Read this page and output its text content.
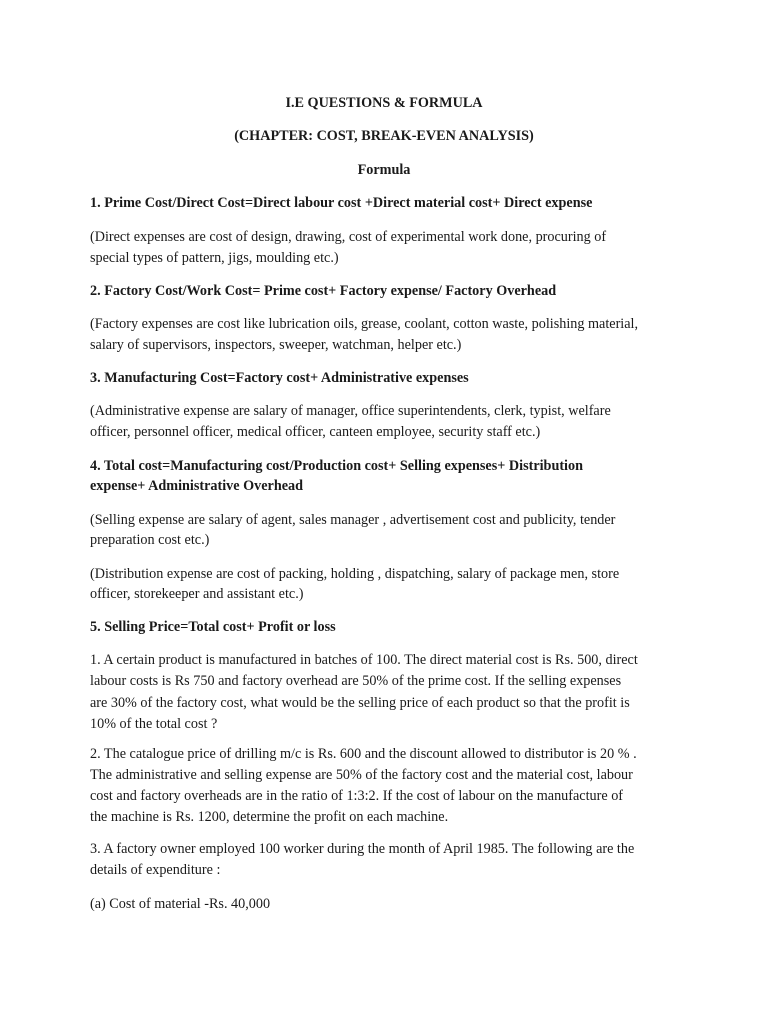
I.E QUESTIONS & FORMULA
(CHAPTER: COST, BREAK-EVEN ANALYSIS)
Formula
1. Prime Cost/Direct Cost=Direct labour cost +Direct material cost+ Direct expense
(Direct expenses are cost of design, drawing, cost of experimental work done, procuring of
special types of pattern, jigs, moulding etc.)
2. Factory Cost/Work Cost= Prime cost+ Factory expense/ Factory Overhead
(Factory expenses are cost like lubrication oils, grease, coolant, cotton waste, polishing material,
salary of supervisors, inspectors, sweeper, watchman, helper etc.)
3. Manufacturing Cost=Factory cost+ Administrative expenses
(Administrative expense are salary of manager, office superintendents, clerk, typist, welfare
officer, personnel officer, medical officer, canteen employee, security staff etc.)
4. Total cost=Manufacturing cost/Production cost+ Selling expenses+ Distribution
expense+ Administrative Overhead
(Selling expense are salary of agent, sales manager , advertisement cost and publicity, tender
preparation cost etc.)
(Distribution expense are cost of packing, holding , dispatching, salary of package men, store
officer, storekeeper and assistant etc.)
5. Selling Price=Total cost+ Profit or loss
1. A certain product is manufactured in batches of 100. The direct material cost is Rs. 500, direct
labour costs is Rs 750 and factory overhead are 50% of the prime cost. If the selling expenses
are 30% of the factory cost, what would be the selling price of each product so that the profit is
10% of the total cost ?
2. The catalogue price of drilling m/c is Rs. 600 and the discount allowed to distributor is 20 % .
The administrative and selling expense are 50% of the factory cost and the material cost, labour
cost and factory overheads are in the ratio of 1:3:2. If the cost of labour on the manufacture of
the machine is Rs. 1200, determine the profit on each machine.
3. A factory owner employed 100 worker during the month of April 1985. The following are the
details of expenditure :
(a) Cost of material -Rs. 40,000
